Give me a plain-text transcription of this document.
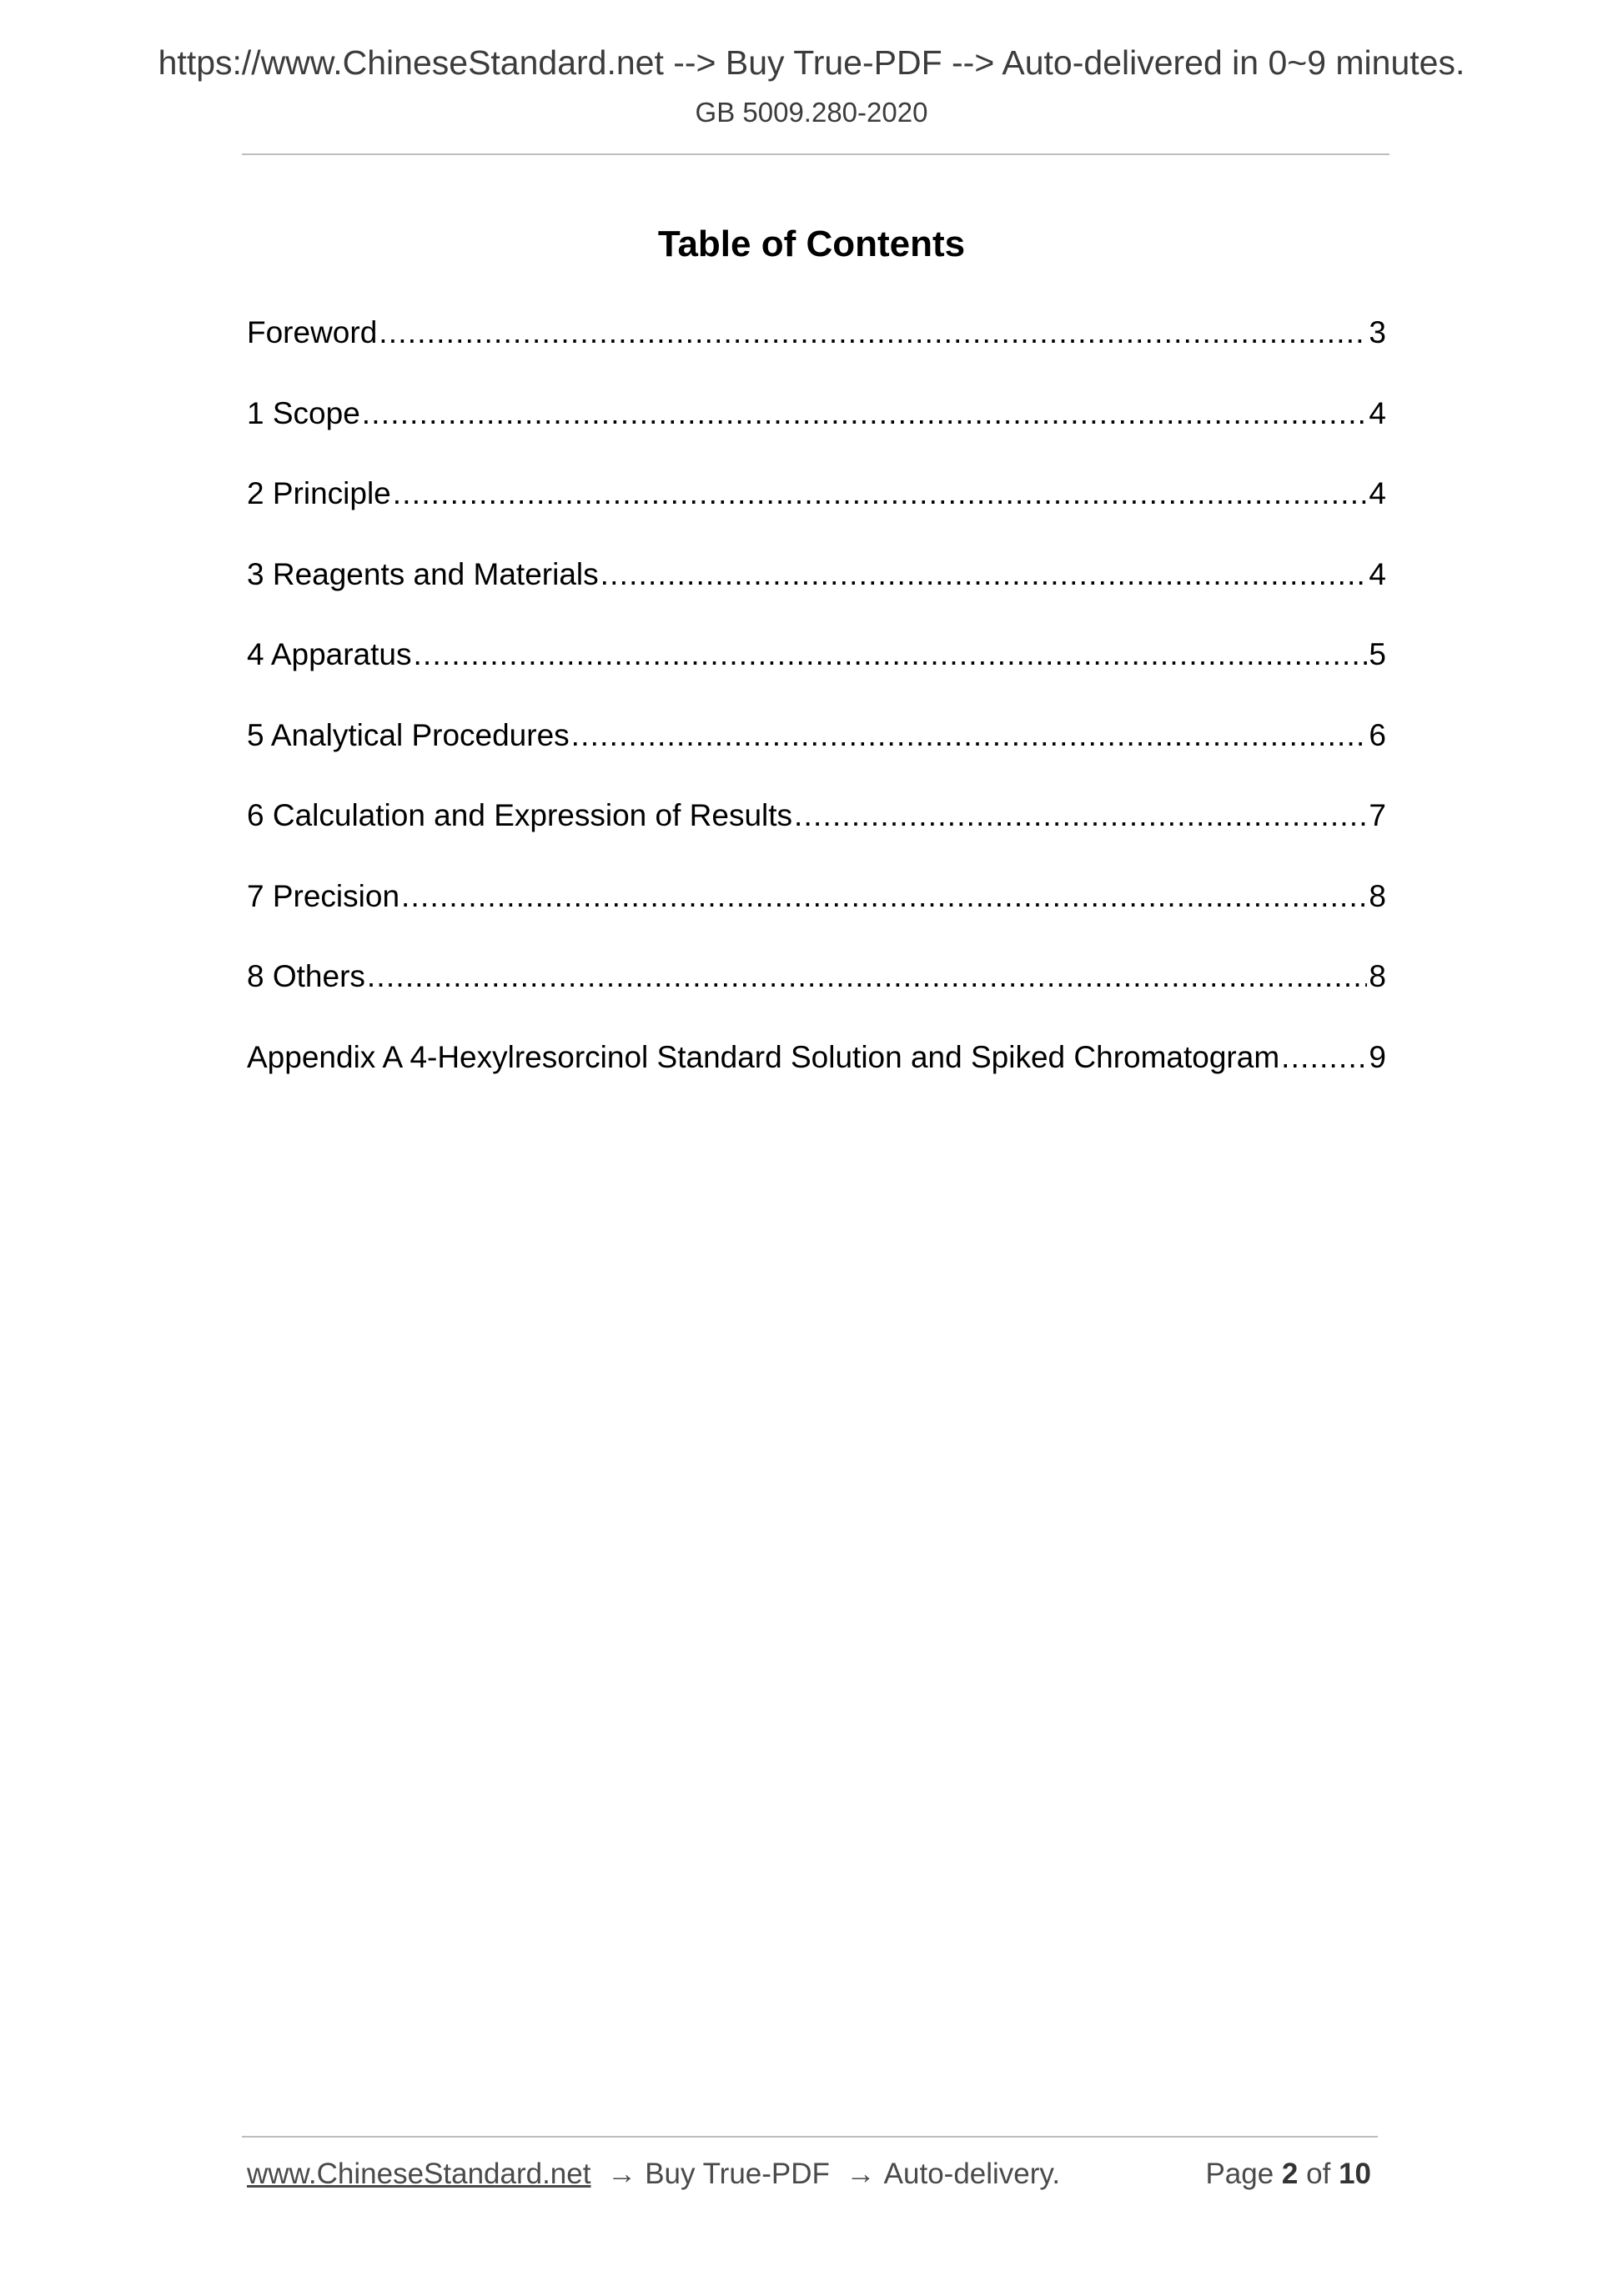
https://www.ChineseStandard.net --> Buy True-PDF --> Auto-delivered in 0~9 minutes.
GB 5009.280-2020
Table of Contents
Foreword .....	3
1 Scope .....	4
2 Principle .....	4
3 Reagents and Materials .....	4
4 Apparatus .....	5
5 Analytical Procedures .....	6
6 Calculation and Expression of Results .....	7
7 Precision .....	8
8 Others .....	8
Appendix A 4-Hexylresorcinol Standard Solution and Spiked Chromatogram .....	9
www.ChineseStandard.net → Buy True-PDF → Auto-delivery.	Page 2 of 10
